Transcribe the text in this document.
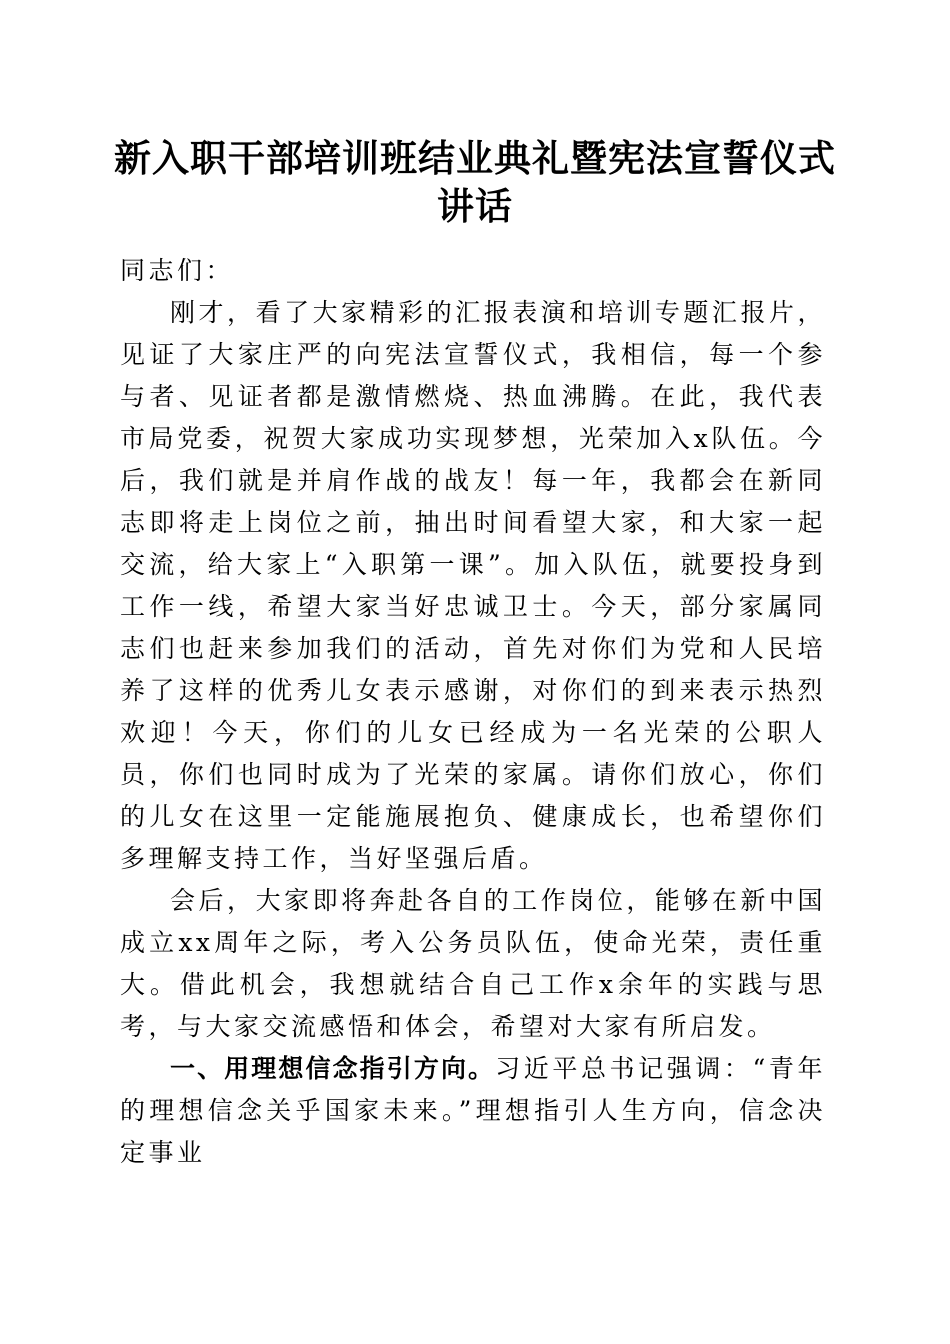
新入职干部培训班结业典礼暨宪法宣誓仪式讲话

同志们：

刚才，看了大家精彩的汇报表演和培训专题汇报片，见证了大家庄严的向宪法宣誓仪式，我相信，每一个参与者、见证者都是激情燃烧、热血沸腾。在此，我代表市局党委，祝贺大家成功实现梦想，光荣加入x队伍。今后，我们就是并肩作战的战友！每一年，我都会在新同志即将走上岗位之前，抽出时间看望大家，和大家一起交流，给大家上“入职第一课”。加入队伍，就要投身到工作一线，希望大家当好忠诚卫士。今天，部分家属同志们也赶来参加我们的活动，首先对你们为党和人民培养了这样的优秀儿女表示感谢，对你们的到来表示热烈欢迎！今天，你们的儿女已经成为一名光荣的公职人员，你们也同时成为了光荣的家属。请你们放心，你们的儿女在这里一定能施展抱负、健康成长，也希望你们多理解支持工作，当好坚强后盾。

会后，大家即将奔赴各自的工作岗位，能够在新中国成立xx周年之际，考入公务员队伍，使命光荣，责任重大。借此机会，我想就结合自己工作x余年的实践与思考，与大家交流感悟和体会，希望对大家有所启发。

一、用理想信念指引方向。习近平总书记强调：“青年的理想信念关乎国家未来。”理想指引人生方向，信念决定事业
